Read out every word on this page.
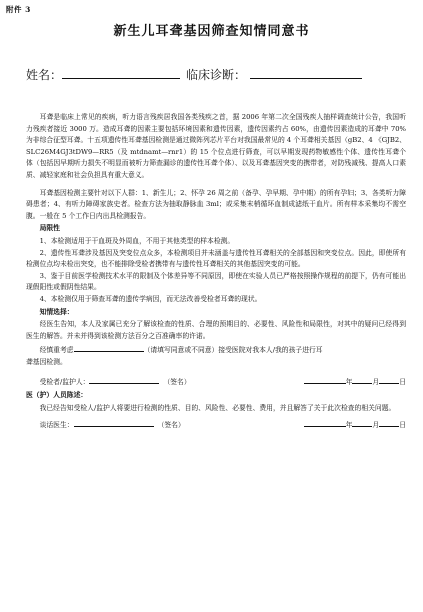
附件 3
新生儿耳聋基因筛查知情同意书
姓名：	临床诊断：

耳聋是临床上常见的疾病，听力语言残疾居我国各类残疾之首，据 2006 年第二次全国残疾人抽样调查统计公告，我国听力残疾者接近 3000 万。造成耳聋的因素主要包括环境因素和遗传因素，遗传因素约占 60%，由遗传因素造成的耳聋中 70%为非综合征型耳聋。十五项遗传性耳聋基因检测是通过微阵列芯片平台对我国最常见的 4 个耳聋相关基因（gB2、4 《GJB2、SLC26M4GJ3tDW9—RR5（及 mtdnamt—rnr1）的 15 个位点进行筛查，可以早期发现药物敏感性个体、遗传性耳聋个体（包括因早期听力损失不明显而被听力筛查漏诊的遗传性耳聋个体）、以及耳聋基因突变的携带者，对防残减残、提高人口素质、减轻家庭和社会负担具有重大意义。

耳聋基因检测主要针对以下人群：1、新生儿；2、怀孕 26 周之前（备孕、孕早期、孕中期）的所有孕妇；3、各类听力障碍患者；4、有听力障碍家族史者。检查方法为抽取静脉血 3ml；或采集末梢循环血制成滤纸干血片。所有样本采集均不需空腹。一般在 5 个工作日内出具检测报告。

局限性

1、本检测适用于干血斑及外周血，不用于其他类型的样本检测。

2、遗传性耳聋涉及基因及突变位点众多，本检测项目并未涵盖与遗传性耳聋相关的全部基因和突变位点。因此，即使所有检测位点均未检出突变，也不能排除受检者携带有与遗传性耳聋相关的其他基因突变的可能。

3、鉴于目前医学检测技术水平的限制及个体差异等不同原因，即使在实验人员已严格按照操作规程的前提下，仍有可能出现假阳性或假阴性结果。

4、本检测仅用于筛查耳聋的遗传学病因，而无法改善受检者耳聋的现状。

知情选择：

经医生告知，本人及家属已充分了解该检查的性质、合理的预期目的、必要性、风险性和局限性，对其中的疑问已经得到医生的解答。并未并得到该检测方法百分之百准确率的许诺。

经慎重考虑	（请填写同意或不同意）接受医院对我本人/我的孩子进行耳

聋基因检测。

受检者/监护人：	（签名）	年	月	日

医（护）人员陈述：

我已经告知受检人/监护人将要进行检测的性质、目的、风险性、必要性、费用，并且解答了关于此次检查的相关问题。

谈话医生：	（签名）	年	月	日
